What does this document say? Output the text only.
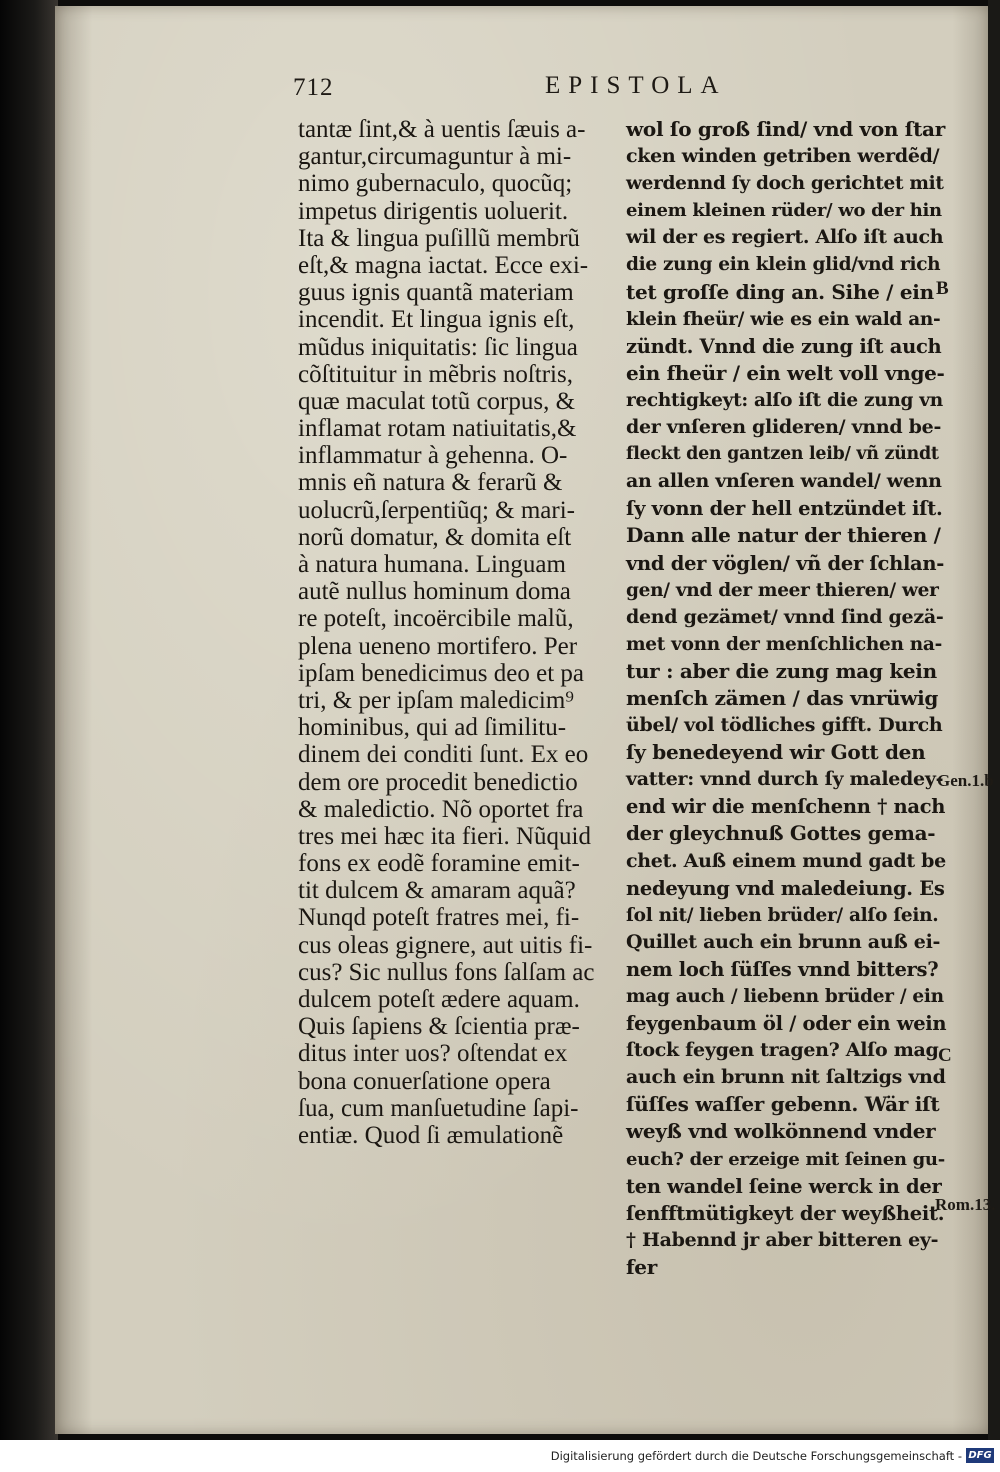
712	EPISTOLA
tantæ ſint,& à uentis ſæuis a-
gantur,circumaguntur à mi-
nimo gubernaculo, quocũq;
impetus dirigentis uoluerit.
Ita & lingua puſillũ membrũ
eſt,& magna iactat. Ecce exi-
guus ignis quantã materiam
incendit. Et lingua ignis eſt,
mũdus iniquitatis: ſic lingua
cõſtituitur in mẽbris noſtris,
quæ maculat totũ corpus, &
inflamat rotam natiuitatis,&
inflammatur à gehenna. O-
mnis eñ natura & ferarũ &
uolucrũ,ſerpentiũq; & mari-
norũ domatur, & domita eſt
à natura humana. Linguam
autẽ nullus hominum doma
re poteſt, incoërcibile malũ,
plena ueneno mortifero. Per
ipſam benedicimus deo et pa
tri, & per ipſam maledicim⁹
hominibus, qui ad ſimilitu-
dinem dei conditi ſunt. Ex eo
dem ore procedit benedictio
& maledictio. Nõ oportet fra
tres mei hæc ita fieri. Nũquid
fons ex eodẽ foramine emit-
tit dulcem & amaram aquã?
Nunqd poteſt fratres mei, fi-
cus oleas gignere, aut uitis fi-
cus? Sic nullus fons ſalſam ac
dulcem poteſt ædere aquam.
Quis ſapiens & ſcientia præ-
ditus inter uos? oſtendat ex
bona conuerſatione opera
ſua, cum manſuetudine ſapi-
entiæ. Quod ſi æmulationẽ
wol ſo groß ſind/ vnd von ſtar
cken winden getriben werdẽd/
werdennd ſy doch gerichtet mit
einem kleinen rüder/ wo der hin
wil der es regiert. Alſo iſt auch
die zung ein klein glid/vnd rich
tet groſſe ding an. Sihe / ein
klein fheür/ wie es ein wald an-
zündt. Vnnd die zung iſt auch
ein fheür / ein welt voll vnge-
rechtigkeyt: alſo iſt die zung vn
der vnſeren glideren/ vnnd be-
fleckt den gantzen leib/ vñ zündt
an allen vnſeren wandel/ wenn
ſy vonn der hell entzündet iſt.
Dann alle natur der thieren /
vnd der vöglen/ vñ der ſchlan-
gen/ vnd der meer thieren/ wer
dend gezämet/ vnnd ſind gezä-
met vonn der menſchlichen na-
tur : aber die zung mag kein
menſch zämen / das vnrüwig
übel/ vol tödliches gifft. Durch
ſy benedeyend wir Gott den
vatter: vnnd durch ſy maledey-
end wir die menſchenn † nach
der gleychnuß Gottes gema-
chet. Auß einem mund gadt be
nedeyung vnd maledeiung. Es
ſol nit/ lieben brüder/ alſo ſein.
Quillet auch ein brunn auß ei-
nem loch ſüſſes vnnd bitters?
mag auch / liebenn brüder / ein
feygenbaum öl / oder ein wein
ſtock feygen tragen? Alſo mag
auch ein brunn nit ſaltzigs vnd
ſüſſes waſſer gebenn. Wär iſt
weyß vnd wolkönnend vnder
euch? der erzeige mit ſeinen gu-
ten wandel ſeine werck in der
ſenfftmütigkeyt der weyßheit.
† Habennd jr aber bitteren ey-
fer
B
Gen.1.b
C
Rom.13.
Digitalisierung gefördert durch die Deutsche Forschungsgemeinschaft - DFG
